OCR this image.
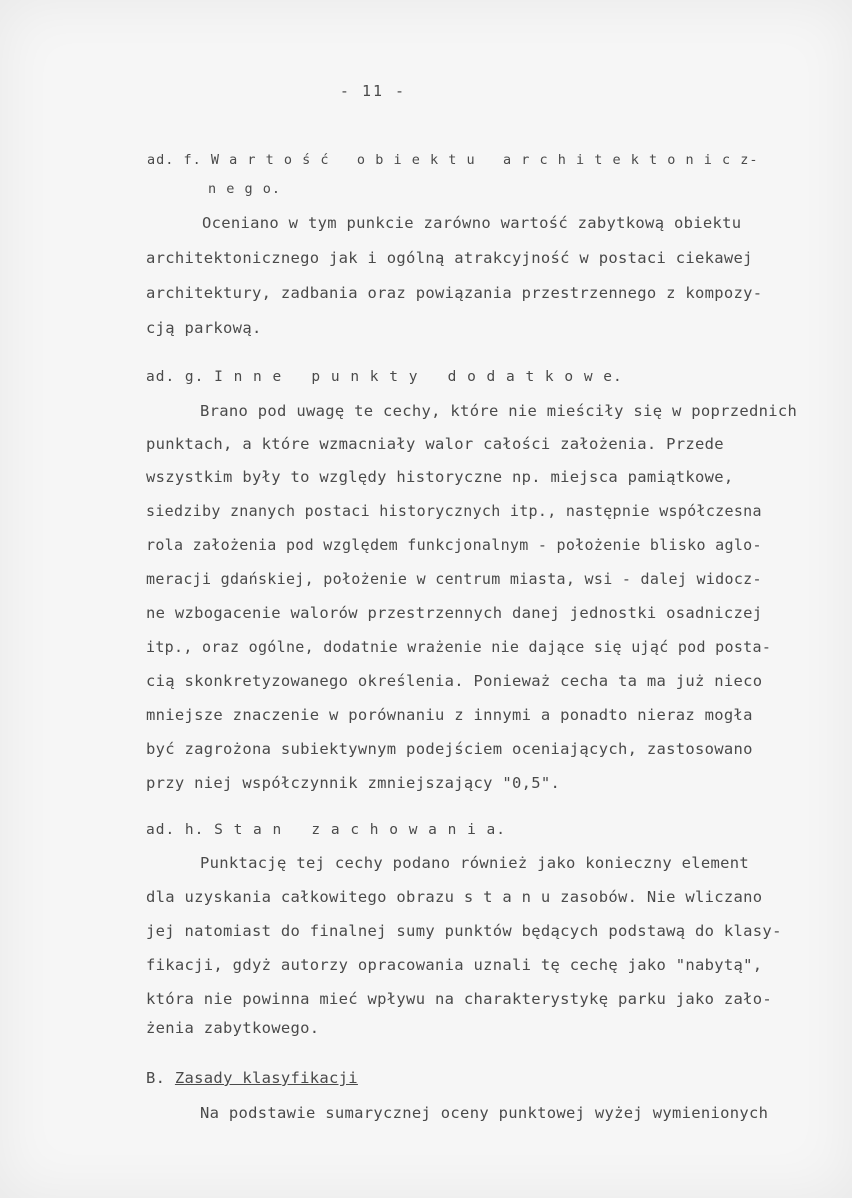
- 11 -
ad. f. W a r t o ś ć   o b i e k t u   a r c h i t e k t o n i c z-
n e g o.
Oceniano w tym punkcie zarówno wartość zabytkową obiektu
architektonicznego jak i ogólną atrakcyjność w postaci ciekawej
architektury, zadbania oraz powiązania przestrzennego z kompozy-
cją parkową.
ad. g. I n n e   p u n k t y   d o d a t k o w e.
Brano pod uwagę te cechy, które nie mieściły się w poprzednich
punktach, a które wzmacniały walor całości założenia. Przede
wszystkim były to względy historyczne np. miejsca pamiątkowe,
siedziby znanych postaci historycznych itp., następnie współczesna
rola założenia pod względem funkcjonalnym - położenie blisko aglo-
meracji gdańskiej, położenie w centrum miasta, wsi - dalej widocz-
ne wzbogacenie walorów przestrzennych danej jednostki osadniczej
itp., oraz ogólne, dodatnie wrażenie nie dające się ująć pod posta-
cią skonkretyzowanego określenia. Ponieważ cecha ta ma już nieco
mniejsze znaczenie w porównaniu z innymi a ponadto nieraz mogła
być zagrożona subiektywnym podejściem oceniających, zastosowano
przy niej współczynnik zmniejszający "0,5".
ad. h. S t a n   z a c h o w a n i a.
Punktację tej cechy podano również jako konieczny element
dla uzyskania całkowitego obrazu s t a n u zasobów. Nie wliczano
jej natomiast do finalnej sumy punktów będących podstawą do klasy-
fikacji, gdyż autorzy opracowania uznali tę cechę jako "nabytą",
która nie powinna mieć wpływu na charakterystykę parku jako zało-
żenia zabytkowego.
B. Zasady klasyfikacji
Na podstawie sumarycznej oceny punktowej wyżej wymienionych
